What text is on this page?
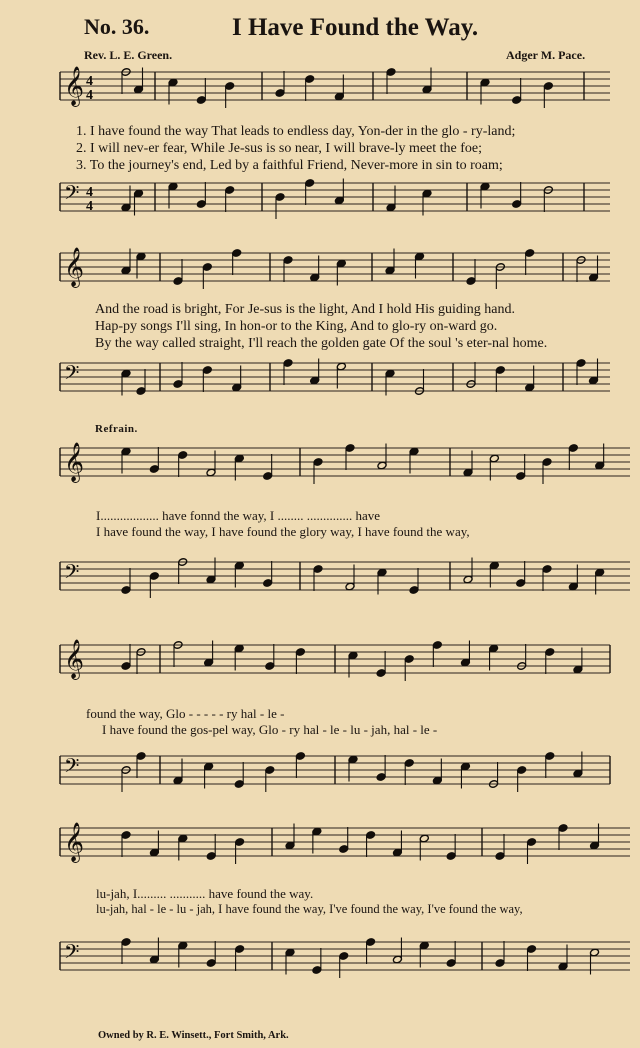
𝄞 4
4
𝄢 4
4
𝄞
𝄢
𝄞
𝄢
𝄞
𝄢
𝄞
𝄢
No. 36.	I Have Found the Way.
Rev. L. E. Green.	Adger M. Pace.
1. I have found the way That leads to endless day, Yon-der in the glo - ry-land;
2. I will nev-er fear, While Je-sus is so near, I will brave-ly meet the foe;
3. To the journey's end, Led by a faithful Friend, Never-more in sin to roam;
And the road is bright, For Je-sus is the light, And I hold His guiding hand.
Hap-py songs I'll sing, In hon-or to the King, And to glo-ry on-ward go.
By the way called straight, I'll reach the golden gate Of the soul 's eter-nal home.
Refrain.
I.................. have fonnd the way, I ........ .............. have
I have found the way, I have found the glory way, I have found the way,
found the way, Glo - - - - - ry hal - le -
I have found the gos-pel way, Glo - ry hal - le - lu - jah, hal - le -
lu-jah, I......... ........... have found the way.
lu-jah, hal - le - lu - jah, I have found the way, I've found the way, I've found the way,
Owned by R. E. Winsett., Fort Smith, Ark.
